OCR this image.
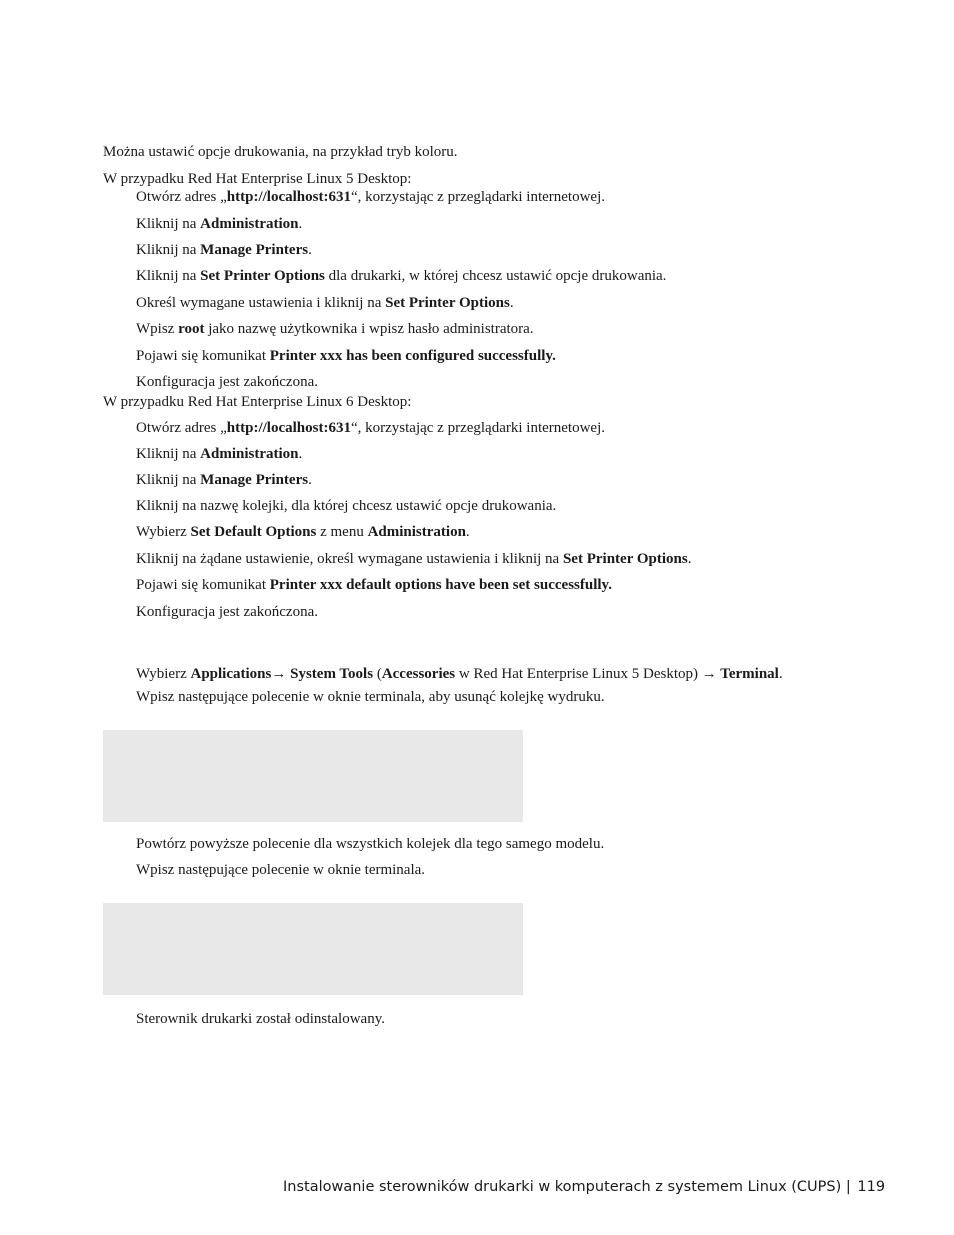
Można ustawić opcje drukowania, na przykład tryb koloru.
W przypadku Red Hat Enterprise Linux 5 Desktop:
Otwórz adres „http://localhost:631“, korzystając z przeglądarki internetowej.
Kliknij na Administration.
Kliknij na Manage Printers.
Kliknij na Set Printer Options dla drukarki, w której chcesz ustawić opcje drukowania.
Określ wymagane ustawienia i kliknij na Set Printer Options.
Wpisz root jako nazwę użytkownika i wpisz hasło administratora.
Pojawi się komunikat Printer xxx has been configured successfully.
Konfiguracja jest zakończona.
W przypadku Red Hat Enterprise Linux 6 Desktop:
Otwórz adres „http://localhost:631“, korzystając z przeglądarki internetowej.
Kliknij na Administration.
Kliknij na Manage Printers.
Kliknij na nazwę kolejki, dla której chcesz ustawić opcje drukowania.
Wybierz Set Default Options z menu Administration.
Kliknij na żądane ustawienie, określ wymagane ustawienia i kliknij na Set Printer Options.
Pojawi się komunikat Printer xxx default options have been set successfully.
Konfiguracja jest zakończona.
Wybierz Applications→ System Tools (Accessories w Red Hat Enterprise Linux 5 Desktop) → Terminal.
Wpisz następujące polecenie w oknie terminala, aby usunąć kolejkę wydruku.
Powtórz powyższe polecenie dla wszystkich kolejek dla tego samego modelu.
Wpisz następujące polecenie w oknie terminala.
Sterownik drukarki został odinstalowany.
Instalowanie sterowników drukarki w komputerach z systemem Linux (CUPS) | 119
